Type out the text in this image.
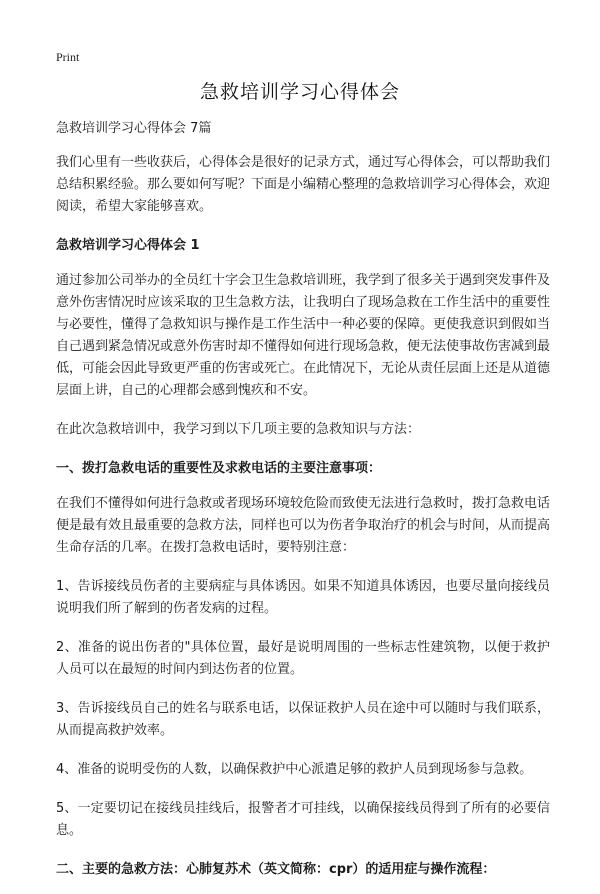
Print
急救培训学习心得体会

急救培训学习心得体会 7篇

我们心里有一些收获后，心得体会是很好的记录方式，通过写心得体会，可以帮助我们总结积累经验。那么要如何写呢？下面是小编精心整理的急救培训学习心得体会，欢迎阅读，希望大家能够喜欢。

急救培训学习心得体会 1

通过参加公司举办的全员红十字会卫生急救培训班，我学到了很多关于遇到突发事件及意外伤害情况时应该采取的卫生急救方法，让我明白了现场急救在工作生活中的重要性与必要性，懂得了急救知识与操作是工作生活中一种必要的保障。更使我意识到假如当自己遇到紧急情况或意外伤害时却不懂得如何进行现场急救，便无法使事故伤害减到最低，可能会因此导致更严重的伤害或死亡。在此情况下，无论从责任层面上还是从道德层面上讲，自己的心理都会感到愧疚和不安。

在此次急救培训中，我学习到以下几项主要的急救知识与方法：

一、拨打急救电话的重要性及求救电话的主要注意事项：

在我们不懂得如何进行急救或者现场环境较危险而致使无法进行急救时，拨打急救电话便是最有效且最重要的急救方法，同样也可以为伤者争取治疗的机会与时间，从而提高生命存活的几率。在拨打急救电话时，要特别注意：

1、告诉接线员伤者的主要病症与具体诱因。如果不知道具体诱因，也要尽量向接线员说明我们所了解到的伤者发病的过程。

2、准备的说出伤者的"具体位置，最好是说明周围的一些标志性建筑物，以便于救护人员可以在最短的时间内到达伤者的位置。

3、告诉接线员自己的姓名与联系电话，以保证救护人员在途中可以随时与我们联系，从而提高救护效率。

4、准备的说明受伤的人数，以确保救护中心派遣足够的救护人员到现场参与急救。

5、一定要切记在接线员挂线后，报警者才可挂线，以确保接线员得到了所有的必要信息。

二、主要的急救方法：心肺复苏术（英文简称：cpr）的适用症与操作流程：
